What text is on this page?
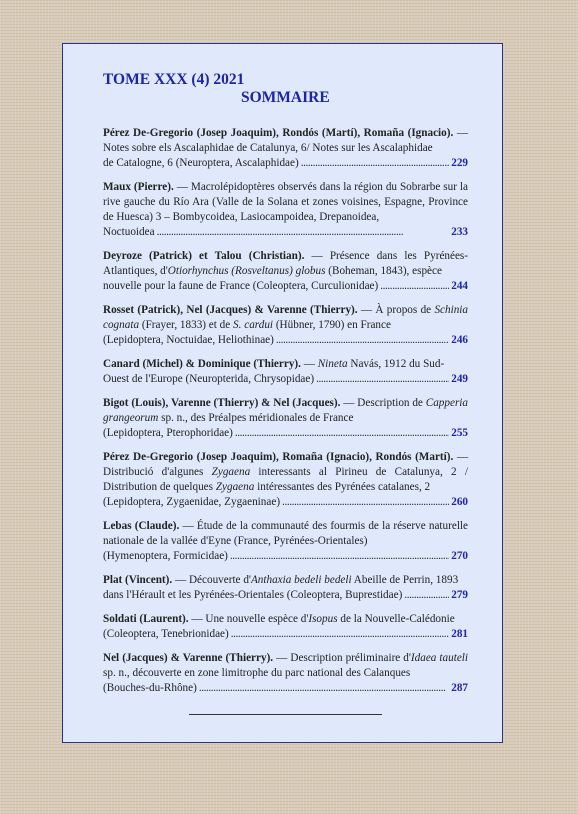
TOME XXX (4) 2021

SOMMAIRE

Pérez De-Gregorio (Josep Joaquim), Rondós (Martí), Romaña (Ignacio). — Notes sobre els Ascalaphidae de Catalunya, 6/ Notes sur les Ascalaphidae
de Catalogne, 6 (Neuroptera, Ascalaphidae) . . .	229
Maux (Pierre). — Macrolépidoptères observés dans la région du Sobrarbe sur la rive gauche du Río Ara (Valle de la Solana et zones voisines, Espagne, Province de Huesca) 3 – Bombycoidea, Lasiocampoidea, Drepanoidea,
Noctuoidea . . .	233
Deyroze (Patrick) et Talou (Christian). — Présence dans les Pyrénées-Atlantiques, d'Otiorhynchus (Rosveltanus) globus (Boheman, 1843), espèce
nouvelle pour la faune de France (Coleoptera, Curculionidae) . . .	244
Rosset (Patrick), Nel (Jacques) & Varenne (Thierry). — À propos de Schinia cognata (Frayer, 1833) et de S. cardui (Hübner, 1790) en France
(Lepidoptera, Noctuidae, Heliothinae) . . .	246
Canard (Michel) & Dominique (Thierry). — Nineta Navás, 1912 du Sud-
Ouest de l'Europe (Neuropterida, Chrysopidae) . . .	249
Bigot (Louis), Varenne (Thierry) & Nel (Jacques). — Description de Capperia grangeorum sp. n., des Préalpes méridionales de France
(Lepidoptera, Pterophoridae) . . .	255
Pérez De-Gregorio (Josep Joaquim), Romaña (Ignacio), Rondós (Martí). — Distribució d'algunes Zygaena interessants al Pirineu de Catalunya, 2 / Distribution de quelques Zygaena intéressantes des Pyrénées catalanes, 2
(Lepidoptera, Zygaenidae, Zygaeninae) . . .	260
Lebas (Claude). — Étude de la communauté des fourmis de la réserve naturelle nationale de la vallée d'Eyne (France, Pyrénées-Orientales)
(Hymenoptera, Formicidae) . . .	270
Plat (Vincent). — Découverte d'Anthaxia bedeli bedeli Abeille de Perrin, 1893
dans l'Hérault et les Pyrénées-Orientales (Coleoptera, Buprestidae) . . .	279
Soldati (Laurent). — Une nouvelle espèce d'Isopus de la Nouvelle-Calédonie
(Coleoptera, Tenebrionidae) . . .	281
Nel (Jacques) & Varenne (Thierry). — Description préliminaire d'Idaea tauteli sp. n., découverte en zone limitrophe du parc national des Calanques
(Bouches-du-Rhône) . . .	287
